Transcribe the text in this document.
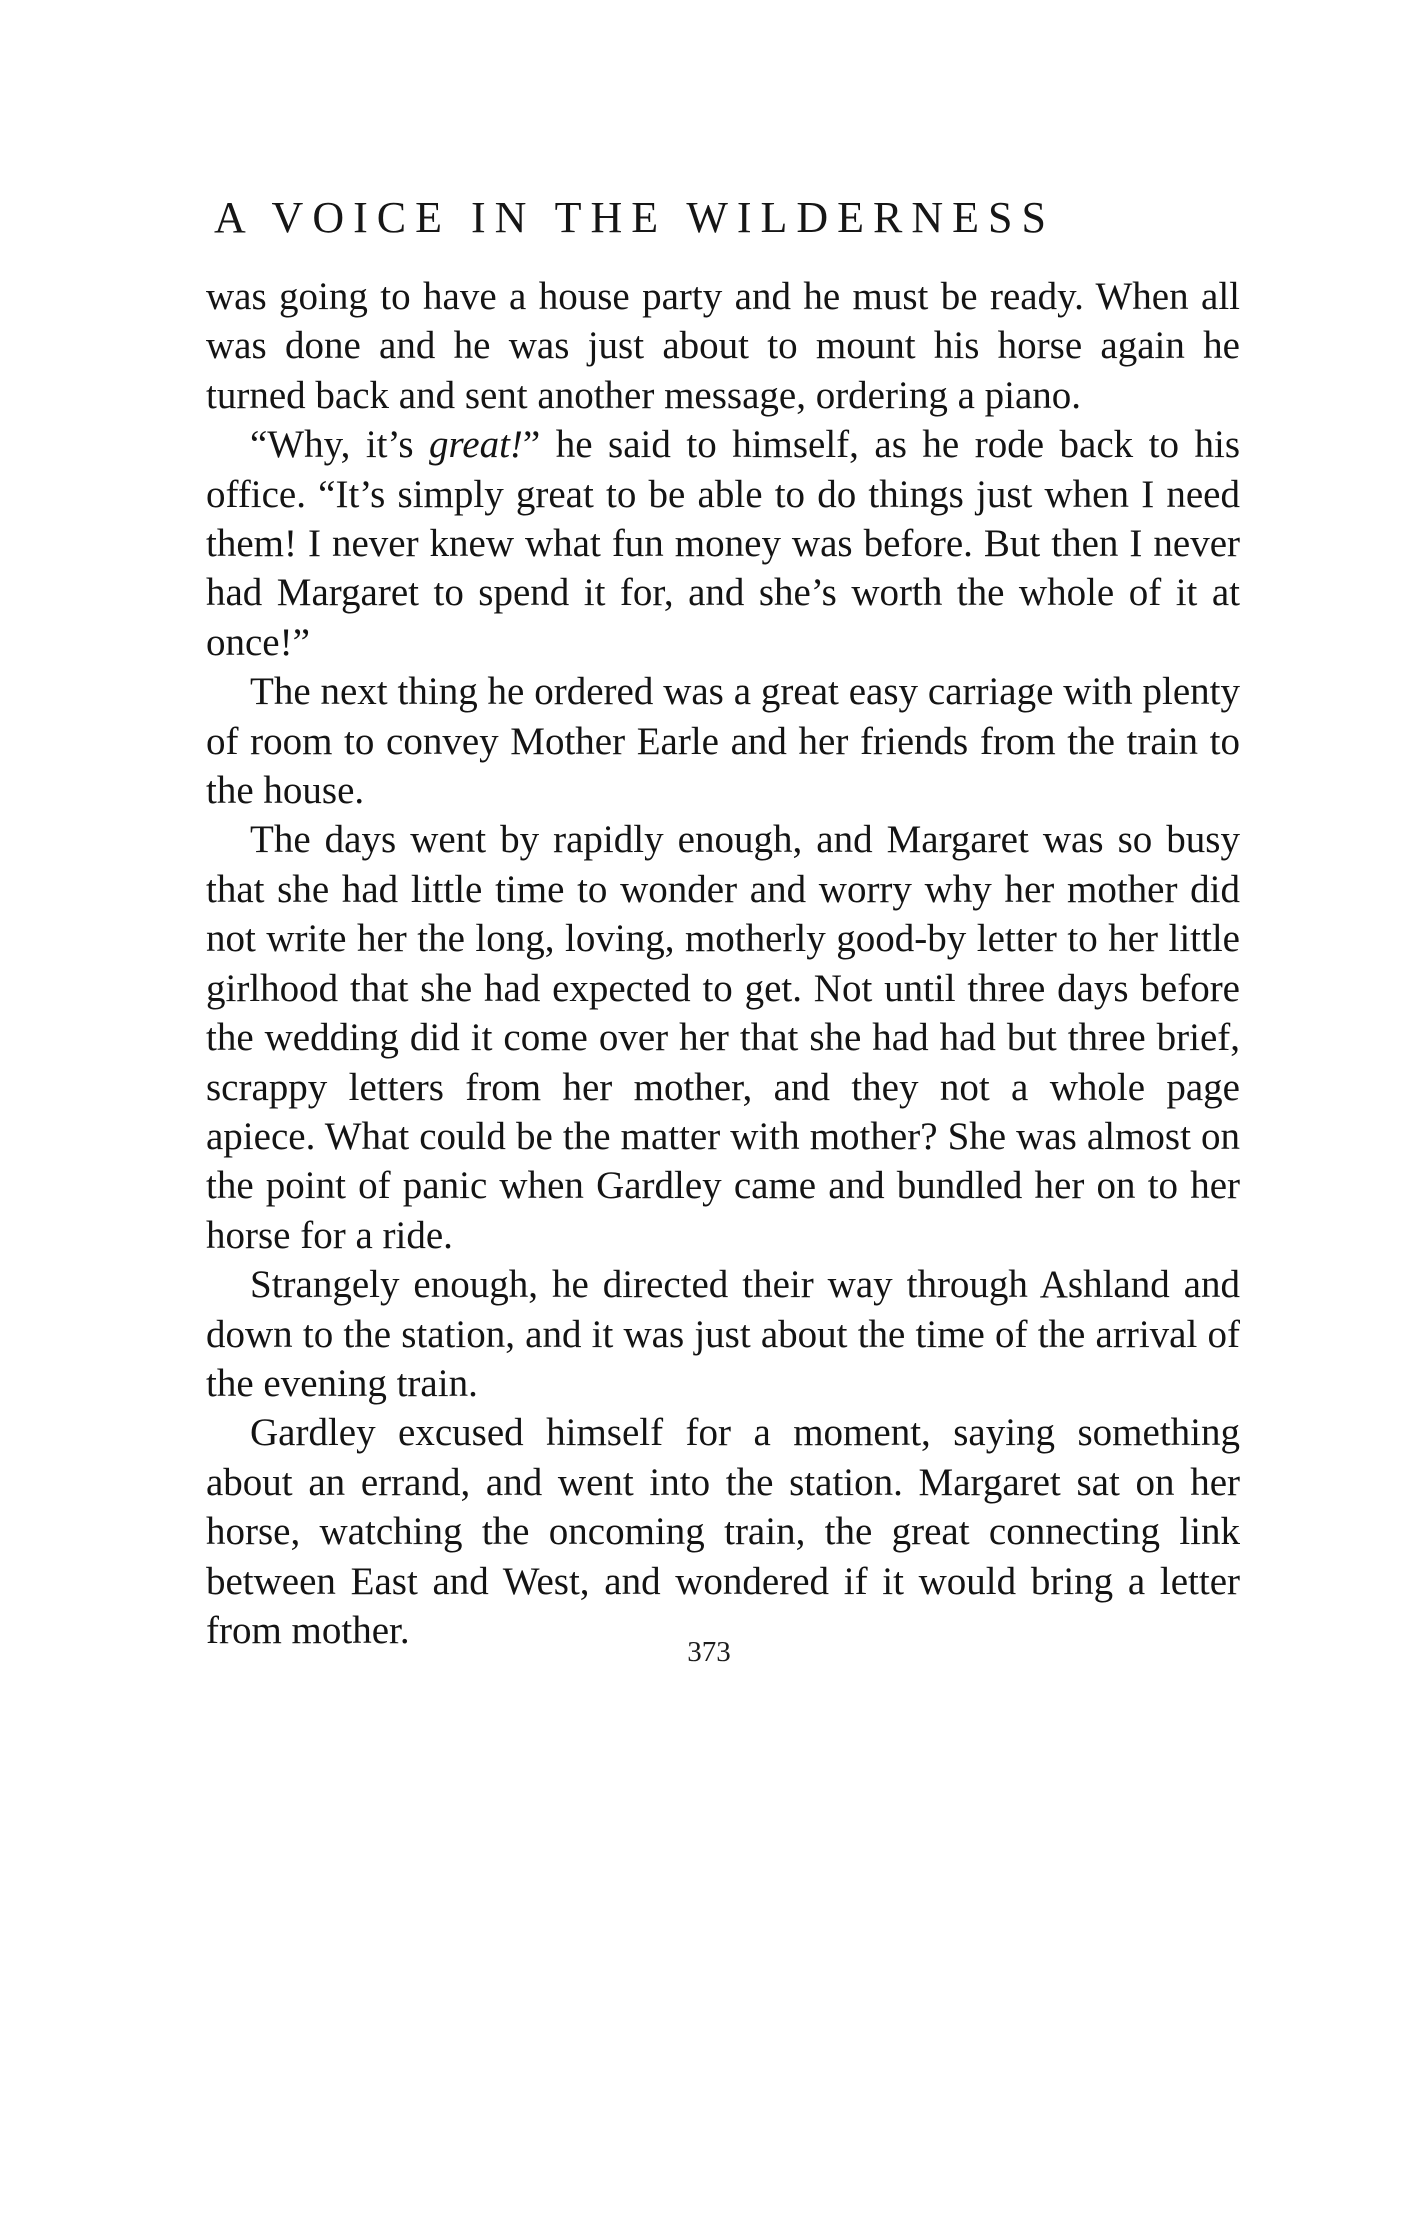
A VOICE IN THE WILDERNESS

was going to have a house party and he must be ready. When all was done and he was just about to mount his horse again he turned back and sent another message, ordering a piano.

“Why, it’s great!” he said to himself, as he rode back to his office. “It’s simply great to be able to do things just when I need them! I never knew what fun money was before. But then I never had Margaret to spend it for, and she’s worth the whole of it at once!”

The next thing he ordered was a great easy carriage with plenty of room to convey Mother Earle and her friends from the train to the house.

The days went by rapidly enough, and Margaret was so busy that she had little time to wonder and worry why her mother did not write her the long, loving, motherly good-by letter to her little girlhood that she had expected to get. Not until three days before the wedding did it come over her that she had had but three brief, scrappy letters from her mother, and they not a whole page apiece. What could be the matter with mother? She was almost on the point of panic when Gardley came and bundled her on to her horse for a ride.

Strangely enough, he directed their way through Ashland and down to the station, and it was just about the time of the arrival of the evening train.

Gardley excused himself for a moment, saying something about an errand, and went into the station. Margaret sat on her horse, watching the oncoming train, the great connecting link between East and West, and wondered if it would bring a letter from mother.

373
